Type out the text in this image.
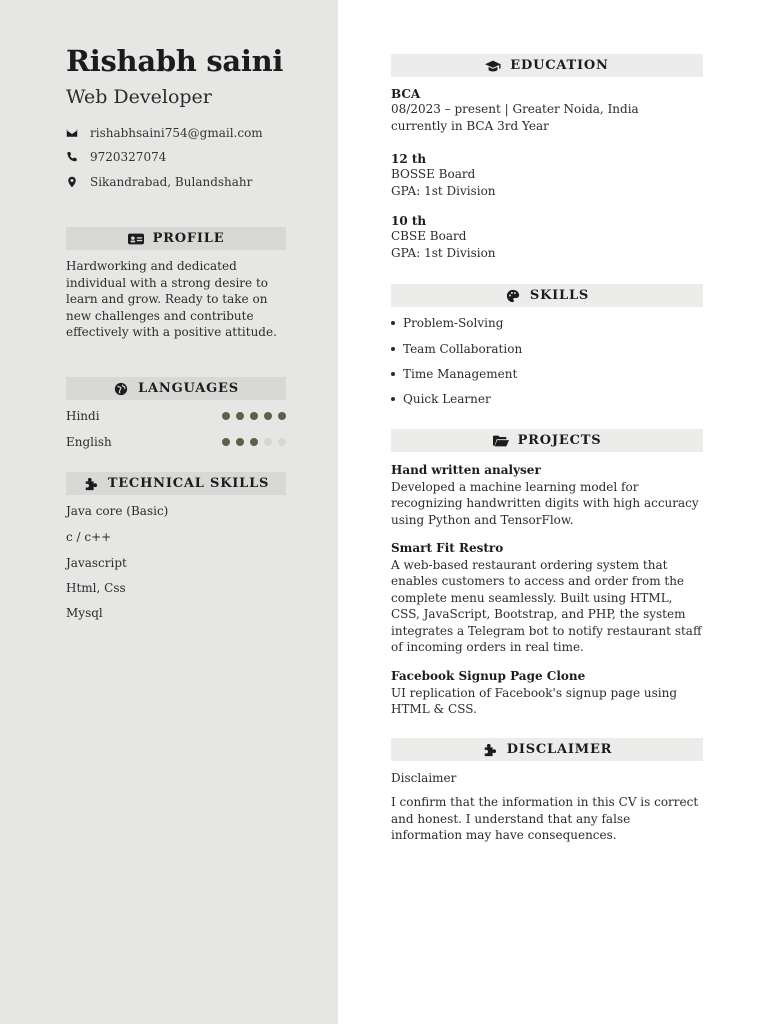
Rishabh saini
Web Developer
rishabhsaini754@gmail.com
9720327074
Sikandrabad, Bulandshahr
PROFILE
Hardworking and dedicated individual with a strong desire to learn and grow. Ready to take on new challenges and contribute effectively with a positive attitude.
LANGUAGES
Hindi
English
TECHNICAL SKILLS
Java core (Basic)
c / c++
Javascript
Html, Css
Mysql
EDUCATION
BCA
08/2023 – present | Greater Noida, India
currently in BCA 3rd Year
12 th
BOSSE Board
GPA: 1st Division
10 th
CBSE Board
GPA: 1st Division
SKILLS
Problem-Solving
Team Collaboration
Time Management
Quick Learner
PROJECTS
Hand written analyser
Developed a machine learning model for recognizing handwritten digits with high accuracy using Python and TensorFlow.
Smart Fit Restro
A web-based restaurant ordering system that enables customers to access and order from the complete menu seamlessly. Built using HTML, CSS, JavaScript, Bootstrap, and PHP, the system integrates a Telegram bot to notify restaurant staff of incoming orders in real time.
Facebook Signup Page Clone
UI replication of Facebook's signup page using HTML & CSS.
DISCLAIMER
Disclaimer
I confirm that the information in this CV is correct and honest. I understand that any false information may have consequences.
